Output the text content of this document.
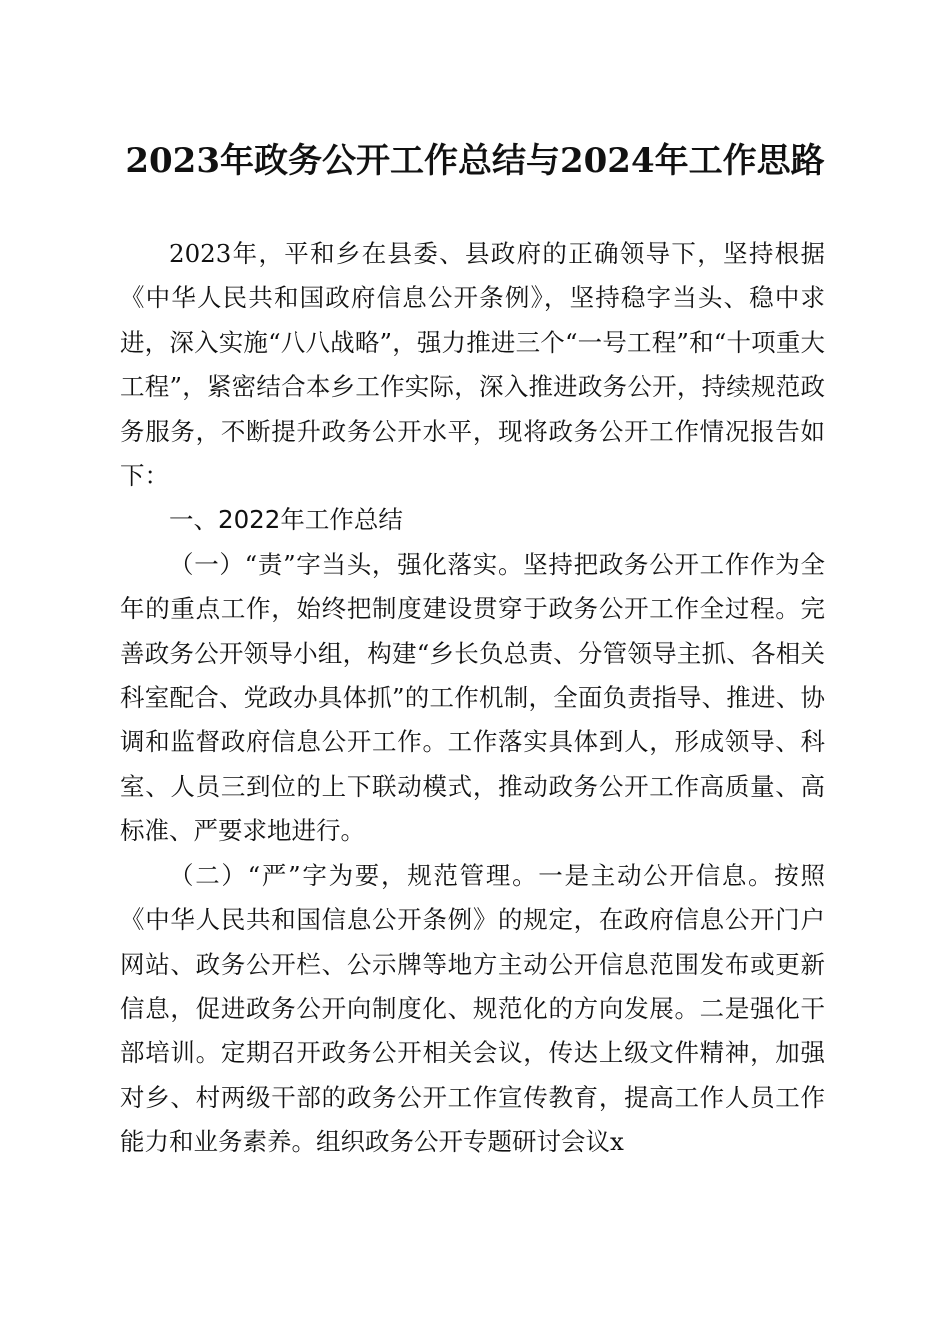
2023年政务公开工作总结与2024年工作思路

2023年，平和乡在县委、县政府的正确领导下，坚持根据《中华人民共和国政府信息公开条例》，坚持稳字当头、稳中求进，深入实施“八八战略”，强力推进三个“一号工程”和“十项重大工程”，紧密结合本乡工作实际，深入推进政务公开，持续规范政务服务，不断提升政务公开水平，现将政务公开工作情况报告如下：

一、2022年工作总结

（一）“责”字当头，强化落实。坚持把政务公开工作作为全年的重点工作，始终把制度建设贯穿于政务公开工作全过程。完善政务公开领导小组，构建“乡长负总责、分管领导主抓、各相关科室配合、党政办具体抓”的工作机制，全面负责指导、推进、协调和监督政府信息公开工作。工作落实具体到人，形成领导、科室、人员三到位的上下联动模式，推动政务公开工作高质量、高标准、严要求地进行。

（二）“严”字为要，规范管理。一是主动公开信息。按照《中华人民共和国信息公开条例》的规定，在政府信息公开门户网站、政务公开栏、公示牌等地方主动公开信息范围发布或更新信息，促进政务公开向制度化、规范化的方向发展。二是强化干部培训。定期召开政务公开相关会议，传达上级文件精神，加强对乡、村两级干部的政务公开工作宣传教育，提高工作人员工作能力和业务素养。组织政务公开专题研讨会议x
